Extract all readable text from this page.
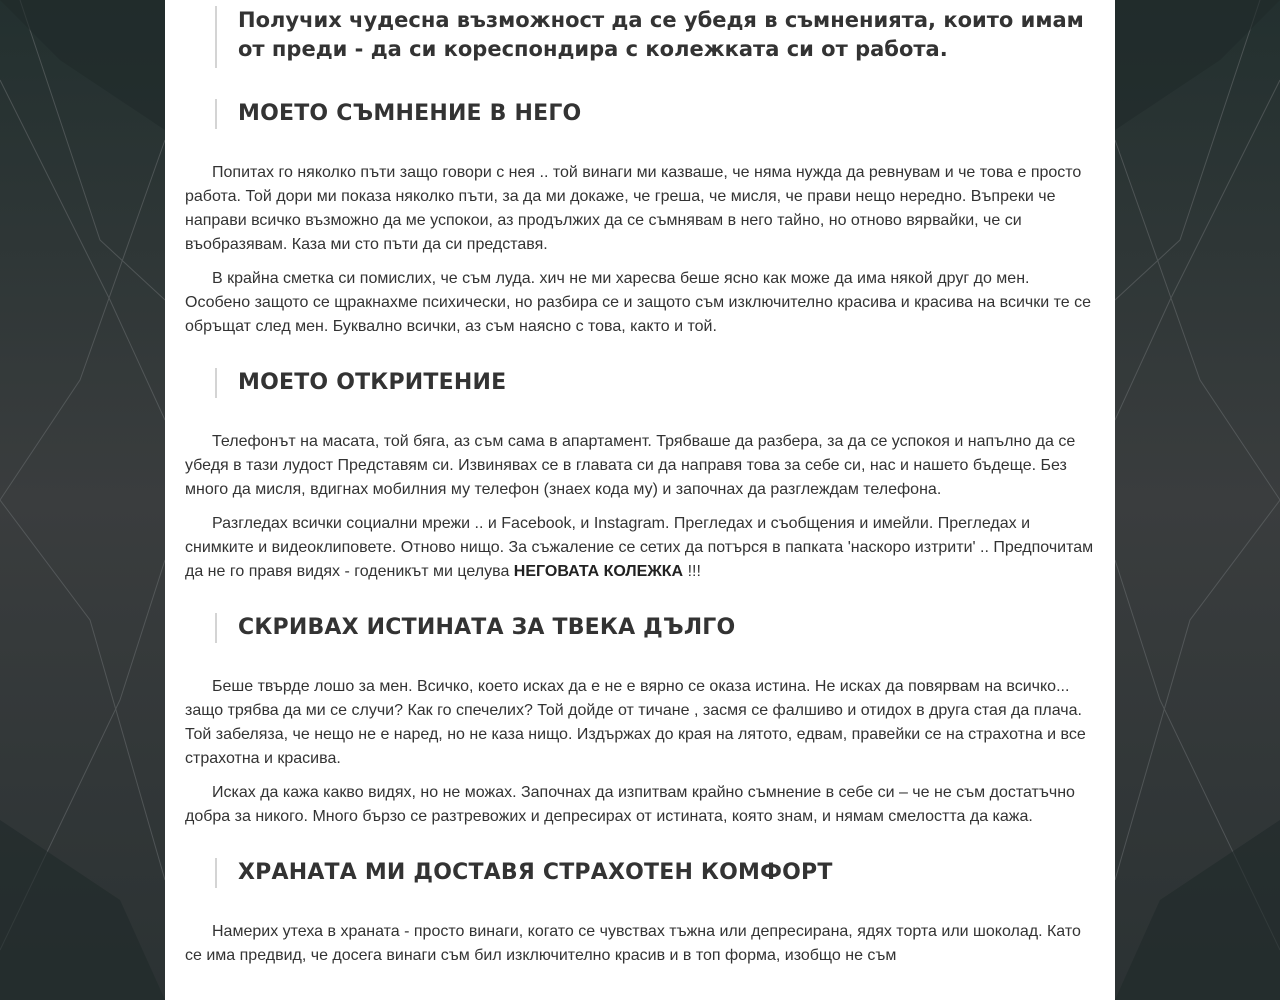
Получих чудесна възможност да се убедя в съмненията, които имам от преди - да си кореспондира с колежката си от работа.
МОЕТО СЪМНЕНИЕ В НЕГО

Попитах го няколко пъти защо говори с нея .. той винаги ми казваше, че няма нужда да ревнувам и че това е просто работа. Той дори ми показа няколко пъти, за да ми докаже, че греша, че мисля, че прави нещо нередно. Въпреки че направи всичко възможно да ме успокои, аз продължих да се съмнявам в него тайно, но отново вярвайки, че си въобразявам. Каза ми сто пъти да си представя.

В крайна сметка си помислих, че съм луда. хич не ми харесва беше ясно как може да има някой друг до мен. Особено защото се щракнахме психически, но разбира се и защото съм изключително красива и красива на всички те се обръщат след мен. Буквално всички, аз съм наясно с това, както и той.

МОЕТО ОТКРИТЕНИЕ

Телефонът на масата, той бяга, аз съм сама в апартамент. Трябваше да разбера, за да се успокоя и напълно да се убедя в тази лудост Представям си. Извинявах се в главата си да направя това за себе си, нас и нашето бъдеще. Без много да мисля, вдигнах мобилния му телефон (знаех кода му) и започнах да разглеждам телефона.

Разгледах всички социални мрежи .. и Facebook, и Instagram. Прегледах и съобщения и имейли. Прегледах и снимките и видеоклиповете. Отново нищо. За съжаление се сетих да потърся в папката 'наскоро изтрити' .. Предпочитам да не го правя видях - годеникът ми целува НЕГОВАТА КОЛЕЖКА !!!

СКРИВАХ ИСТИНАТА ЗА ТВЕКА ДЪЛГО

Беше твърде лошо за мен. Всичко, което исках да е не е вярно се оказа истина. Не исках да повярвам на всичко... защо трябва да ми се случи? Как го спечелих? Той дойде от тичане , засмя се фалшиво и отидох в друга стая да плача. Той забеляза, че нещо не е наред, но не каза нищо. Издържах до края на лятото, едвам, правейки се на страхотна и все страхотна и красива.

Исках да кажа какво видях, но не можах. Започнах да изпитвам крайно съмнение в себе си – че не съм достатъчно добра за никого. Много бързо се разтревожих и депресирах от истината, която знам, и нямам смелостта да кажа.

ХРАНАТА МИ ДОСТАВЯ СТРАХОТЕН КОМФОРТ

Намерих утеха в храната - просто винаги, когато се чувствах тъжна или депресирана, ядях торта или шоколад. Като се има предвид, че досега винаги съм бил изключително красив и в топ форма, изобщо не съм
